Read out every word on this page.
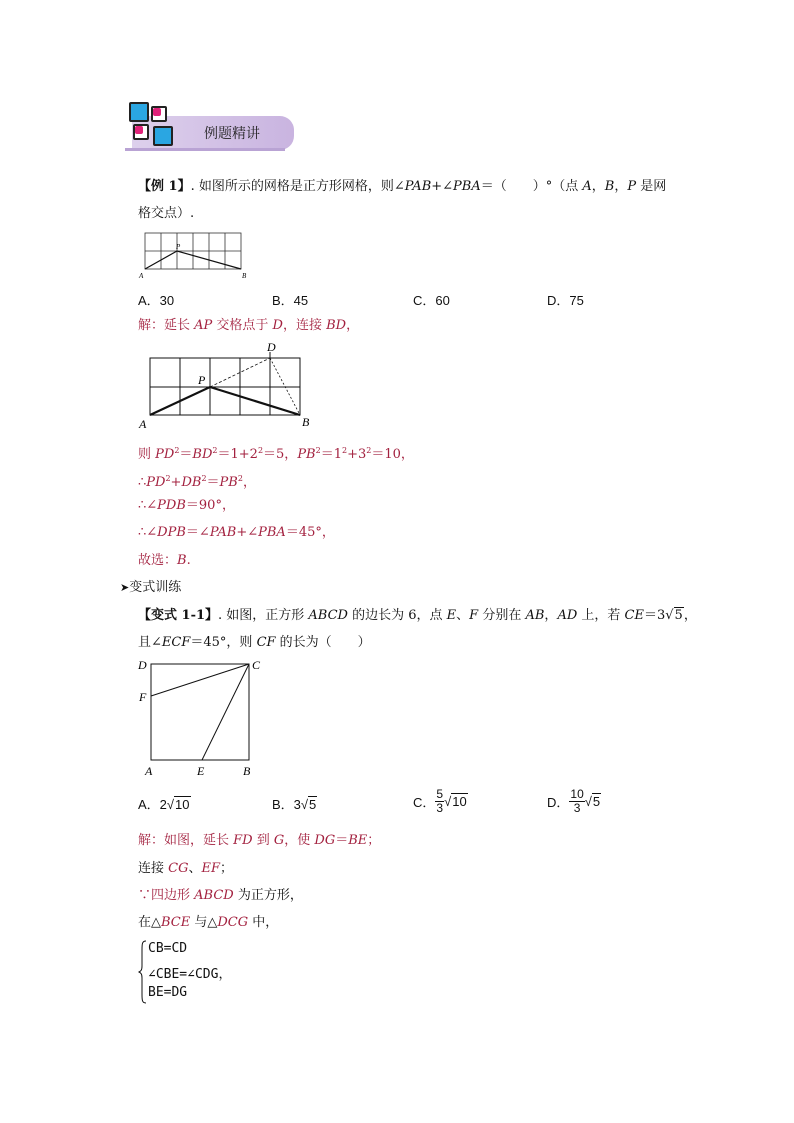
例题精讲
【例 1】. 如图所示的网格是正方形网格，则∠PAB+∠PBA＝（　　）°（点 A，B，P 是网
格交点）.
P
A	B
A．30	B．45	C．60	D．75
解：延长 AP 交格点于 D，连接 BD，
D
P
A	B
则 $PD^2=BD^2=1+2^2=5$，$PB^2=1^2+3^2=10$，
$\therefore PD^2+DB^2=PB^2$，
∴∠PDB＝90°，
∴∠DPB＝∠PAB+∠PBA＝45°，
故选：B.
➤变式训练
【变式 1-1】. 如图，正方形 ABCD 的边长为 6，点 E、F 分别在 AB，AD 上，若 CE＝3√5，
且∠ECF＝45°，则 CF 的长为（　　）
D	C
F
A	E	B
A．2√10	B．3√5	C． $\frac{5}{3} √10$	D． $\frac{10}{3} √5$
解：如图，延长 FD 到 G，使 DG＝BE；
连接 CG、EF；
∵四边形 ABCD 为正方形，
在△BCE 与△DCG 中，
CB=CD
∠CBE=∠CDG，
BE=DG
